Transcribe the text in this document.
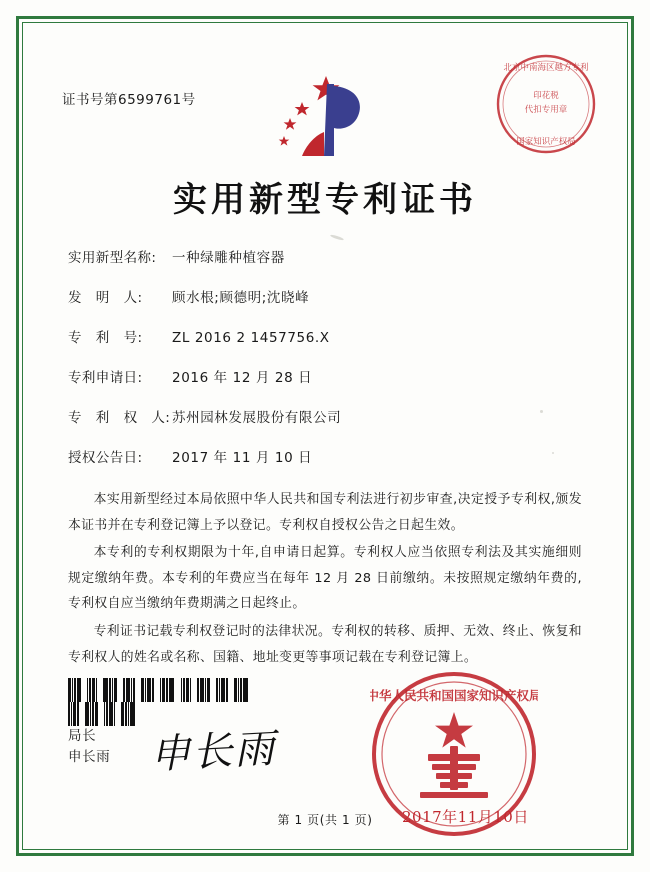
证书号第6599761号
北京中南海区越方专利
印花税
代扣专用章
国家知识产权局
实用新型专利证书
实用新型名称:	一种绿雕种植容器
发　明　人:	顾水根;顾德明;沈晓峰
专　利　号:	ZL 2016 2 1457756.X
专利申请日:	2016 年 12 月 28 日
专　利　权　人: 苏州园林发展股份有限公司
授权公告日:	2017 年 11 月 10 日

本实用新型经过本局依照中华人民共和国专利法进行初步审查,决定授予专利权,颁发本证书并在专利登记簿上予以登记。专利权自授权公告之日起生效。

本专利的专利权期限为十年,自申请日起算。专利权人应当依照专利法及其实施细则规定缴纳年费。本专利的年费应当在每年 12 月 28 日前缴纳。未按照规定缴纳年费的,专利权自应当缴纳年费期满之日起终止。

专利证书记载专利权登记时的法律状况。专利权的转移、质押、无效、终止、恢复和专利权人的姓名或名称、国籍、地址变更等事项记载在专利登记簿上。

局长
申长雨 申长雨
中华人民共和国国家知识产权局
2017年11月10日
第 1 页(共 1 页)
